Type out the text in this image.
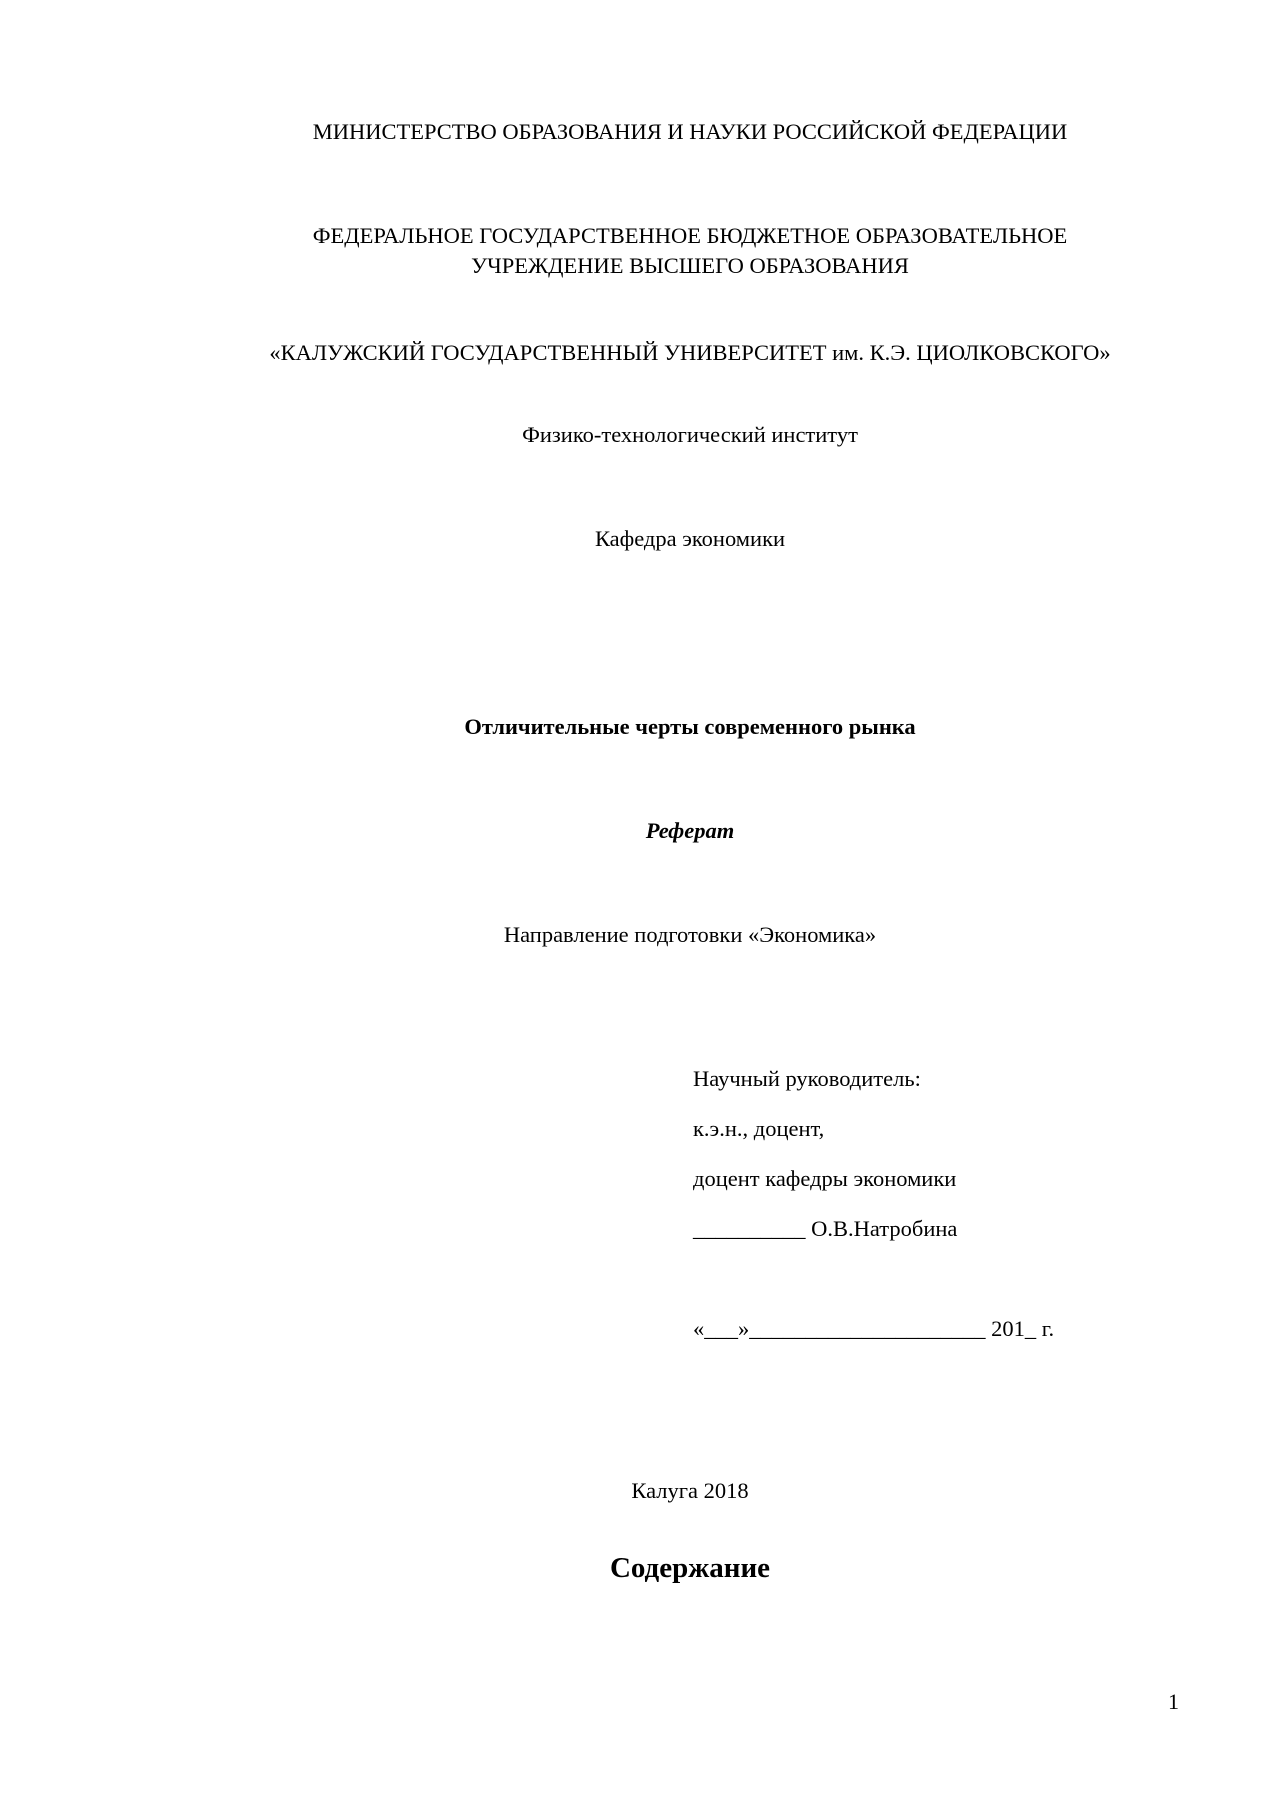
МИНИСТЕРСТВО ОБРАЗОВАНИЯ И НАУКИ РОССИЙСКОЙ ФЕДЕРАЦИИ
ФЕДЕРАЛЬНОЕ ГОСУДАРСТВЕННОЕ БЮДЖЕТНОЕ ОБРАЗОВАТЕЛЬНОЕ
УЧРЕЖДЕНИЕ ВЫСШЕГО ОБРАЗОВАНИЯ
«КАЛУЖСКИЙ ГОСУДАРСТВЕННЫЙ УНИВЕРСИТЕТ им. К.Э. ЦИОЛКОВСКОГО»
Физико-технологический институт
Кафедра экономики
Отличительные черты современного рынка
Реферат
Направление подготовки «Экономика»
Научный руководитель:
к.э.н., доцент,
доцент кафедры экономики
__________ О.В.Натробина
«___»_____________________ 201_ г.
Калуга 2018
Содержание
1
